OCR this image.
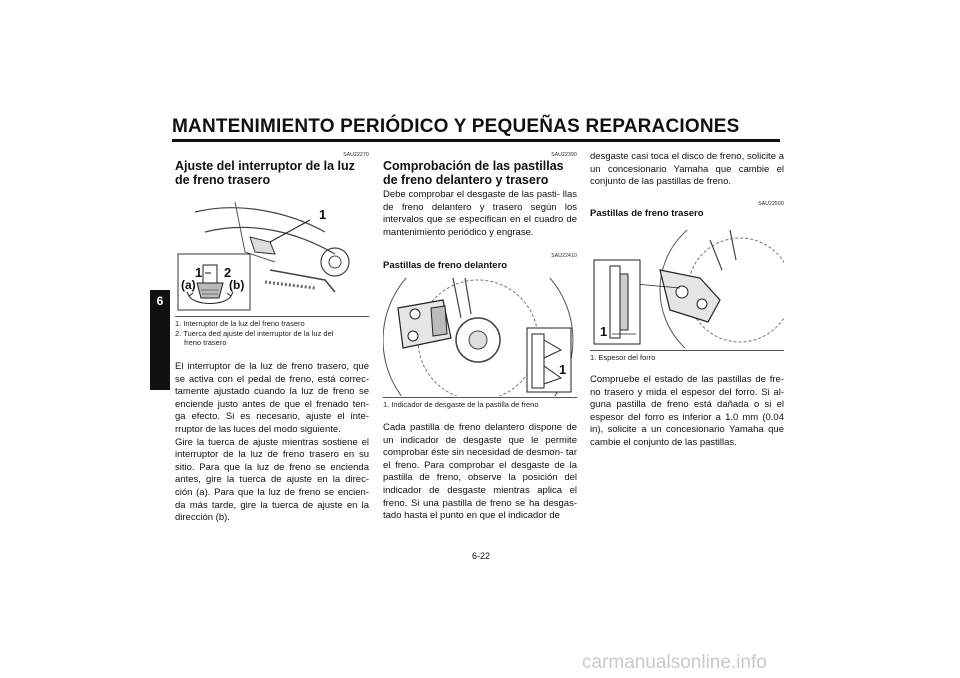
MANTENIMIENTO PERIÓDICO Y PEQUEÑAS REPARACIONES
6
SAU22270
Ajuste del interruptor de la luz de freno trasero
1 2
(a)	(b)
1

1. Interruptor de la luz del freno trasero

2. Tuerca ded ajuste del interruptor de la luz del

freno trasero

El interruptor de la luz de freno trasero, que se activa con el pedal de freno, está correc- tamente ajustado cuando la luz de freno se enciende justo antes de que el frenado ten- ga efecto. Si es necesario, ajuste el inte- rruptor de las luces del modo siguiente.

Gire la tuerca de ajuste mientras sostiene el interruptor de la luz de freno trasero en su sitio. Para que la luz de freno se encienda antes, gire la tuerca de ajuste en la direc- ción (a). Para que la luz de freno se encien- da más tarde, gire la tuerca de ajuste en la dirección (b).

SAU22390
Comprobación de las pastillas de freno delantero y trasero

Debe comprobar el desgaste de las pasti- llas de freno delantero y trasero según los intervalos que se especifican en el cuadro de mantenimiento periódico y engrase.

SAU22410
Pastillas de freno delantero
1

1. Indicador de desgaste de la pastilla de freno

Cada pastilla de freno delantero dispone de un indicador de desgaste que le permite comprobar éste sin necesidad de desmon- tar el freno. Para comprobar el desgaste de la pastilla de freno, observe la posición del indicador de desgaste mientras aplica el freno. Si una pastilla de freno se ha desgas- tado hasta el punto en que el indicador de

desgaste casi toca el disco de freno, solicite a un concesionario Yamaha que cambie el conjunto de las pastillas de freno.

SAU22500
Pastillas de freno trasero
1

1. Espesor del forro

Compruebe el estado de las pastillas de fre- no trasero y mida el espesor del forro. Si al- guna pastilla de freno está dañada o si el espesor del forro es inferior a 1.0 mm (0.04 in), solicite a un concesionario Yamaha que cambie el conjunto de las pastillas.

6-22
carmanualsonline.info
